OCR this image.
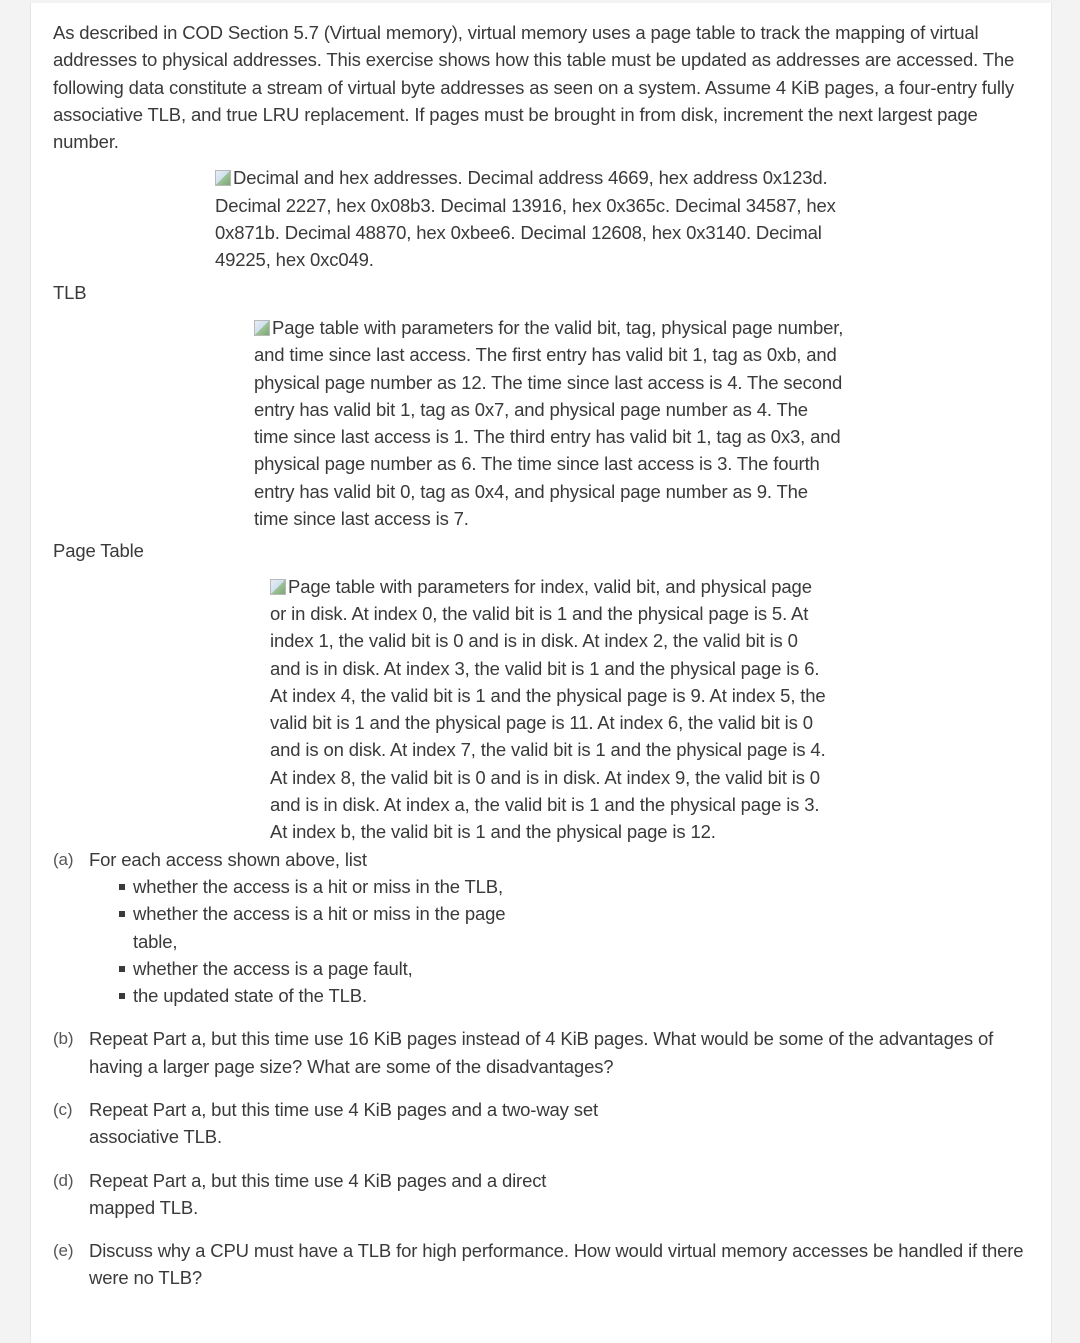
As described in COD Section 5.7 (Virtual memory), virtual memory uses a page table to track the mapping of virtual addresses to physical addresses. This exercise shows how this table must be updated as addresses are accessed. The following data constitute a stream of virtual byte addresses as seen on a system. Assume 4 KiB pages, a four-entry fully associative TLB, and true LRU replacement. If pages must be brought in from disk, increment the next largest page number.

Decimal and hex addresses. Decimal address 4669, hex address 0x123d. Decimal 2227, hex 0x08b3. Decimal 13916, hex 0x365c. Decimal 34587, hex 0x871b. Decimal 48870, hex 0xbee6. Decimal 12608, hex 0x3140. Decimal 49225, hex 0xc049.
TLB
Page table with parameters for the valid bit, tag, physical page number, and time since last access. The first entry has valid bit 1, tag as 0xb, and physical page number as 12. The time since last access is 4. The second entry has valid bit 1, tag as 0x7, and physical page number as 4. The time since last access is 1. The third entry has valid bit 1, tag as 0x3, and physical page number as 6. The time since last access is 3. The fourth entry has valid bit 0, tag as 0x4, and physical page number as 9. The time since last access is 7.
Page Table
Page table with parameters for index, valid bit, and physical page or in disk. At index 0, the valid bit is 1 and the physical page is 5. At index 1, the valid bit is 0 and is in disk. At index 2, the valid bit is 0 and is in disk. At index 3, the valid bit is 1 and the physical page is 6. At index 4, the valid bit is 1 and the physical page is 9. At index 5, the valid bit is 1 and the physical page is 11. At index 6, the valid bit is 0 and is on disk. At index 7, the valid bit is 1 and the physical page is 4. At index 8, the valid bit is 0 and is in disk. At index 9, the valid bit is 0 and is in disk. At index a, the valid bit is 1 and the physical page is 3. At index b, the valid bit is 1 and the physical page is 12.
(a) For each access shown above, list
whether the access is a hit or miss in the TLB,
whether the access is a hit or miss in the page table,
whether the access is a page fault,
the updated state of the TLB.
(b) Repeat Part a, but this time use 16 KiB pages instead of 4 KiB pages. What would be some of the advantages of having a larger page size? What are some of the disadvantages?
(c) Repeat Part a, but this time use 4 KiB pages and a two-way set associative TLB.
(d) Repeat Part a, but this time use 4 KiB pages and a direct mapped TLB.
(e) Discuss why a CPU must have a TLB for high performance. How would virtual memory accesses be handled if there were no TLB?
